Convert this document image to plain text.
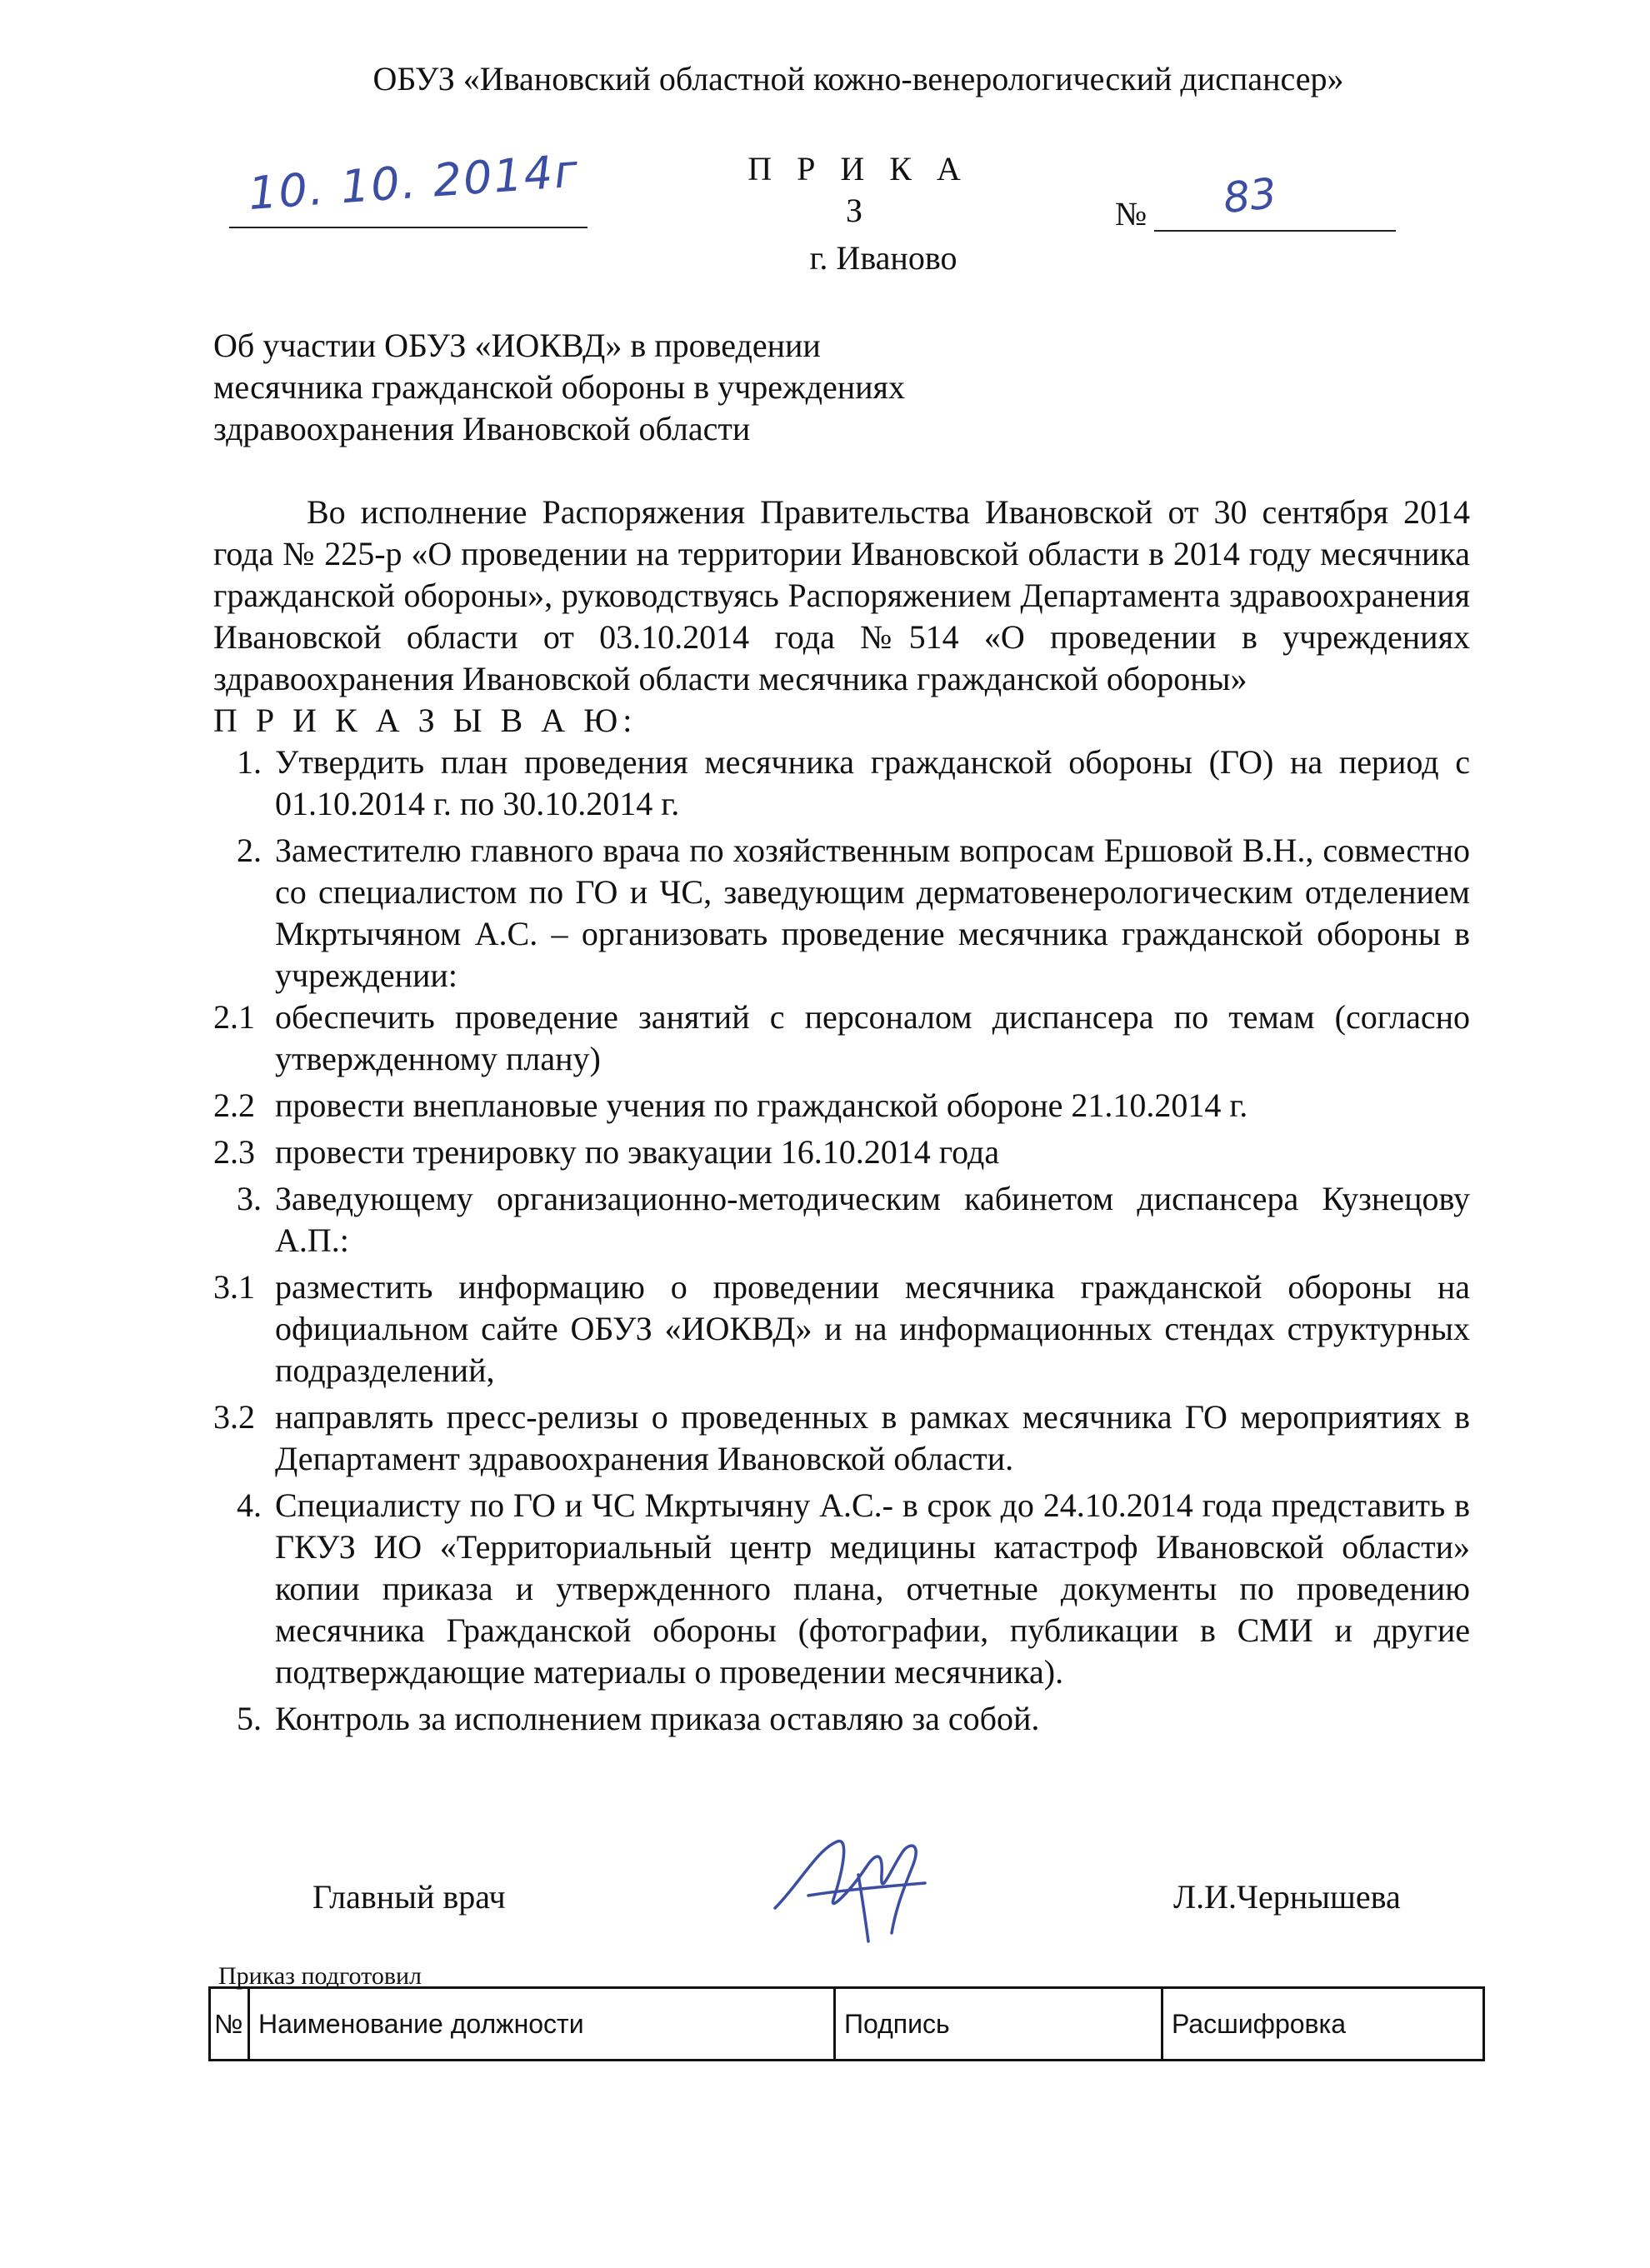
ОБУЗ «Ивановский областной кожно-венерологический диспансер»
П Р И К А З
10. 10. 2014г	№ 83
г. Иваново
Об участии ОБУЗ «ИОКВД» в проведении
месячника гражданской обороны в учреждениях
здравоохранения Ивановской области

Во исполнение Распоряжения Правительства Ивановской от 30 сентября 2014 года № 225-р «О проведении на территории Ивановской области в 2014 году месячника гражданской обороны», руководствуясь Распоряжением Департамента здравоохранения Ивановской области от 03.10.2014 года №514 «О проведении в учреждениях здравоохранения Ивановской области месячника гражданской обороны»

П Р И К А З Ы В А Ю:

1. Утвердить план проведения месячника гражданской обороны (ГО) на период с 01.10.2014 г. по 30.10.2014 г.
2. Заместителю главного врача по хозяйственным вопросам Ершовой В.Н., совместно со специалистом по ГО и ЧС, заведующим дерматовенерологическим отделением Мкртычяном А.С. – организовать проведение месячника гражданской обороны в учреждении:
2.1 обеспечить проведение занятий с персоналом диспансера по темам (согласно утвержденному плану)
2.2 провести внеплановые учения по гражданской обороне 21.10.2014 г.
2.3 провести тренировку по эвакуации 16.10.2014 года
3. Заведующему организационно-методическим кабинетом диспансера Кузнецову А.П.:
3.1 разместить информацию о проведении месячника гражданской обороны на официальном сайте ОБУЗ «ИОКВД» и на информационных стендах структурных подразделений,
3.2 направлять пресс-релизы о проведенных в рамках месячника ГО мероприятиях в Департамент здравоохранения Ивановской области.
4. Специалисту по ГО и ЧС Мкртычяну А.С.- в срок до 24.10.2014 года представить в ГКУЗ ИО «Территориальный центр медицины катастроф Ивановской области» копии приказа и утвержденного плана, отчетные документы по проведению месячника Гражданской обороны (фотографии, публикации в СМИ и другие подтверждающие материалы о проведении месячника).
5. Контроль за исполнением приказа оставляю за собой.
Главный врач	Л.И.Чернышева
Приказ подготовил
№	Наименование должности	Подпись	Расшифровка
